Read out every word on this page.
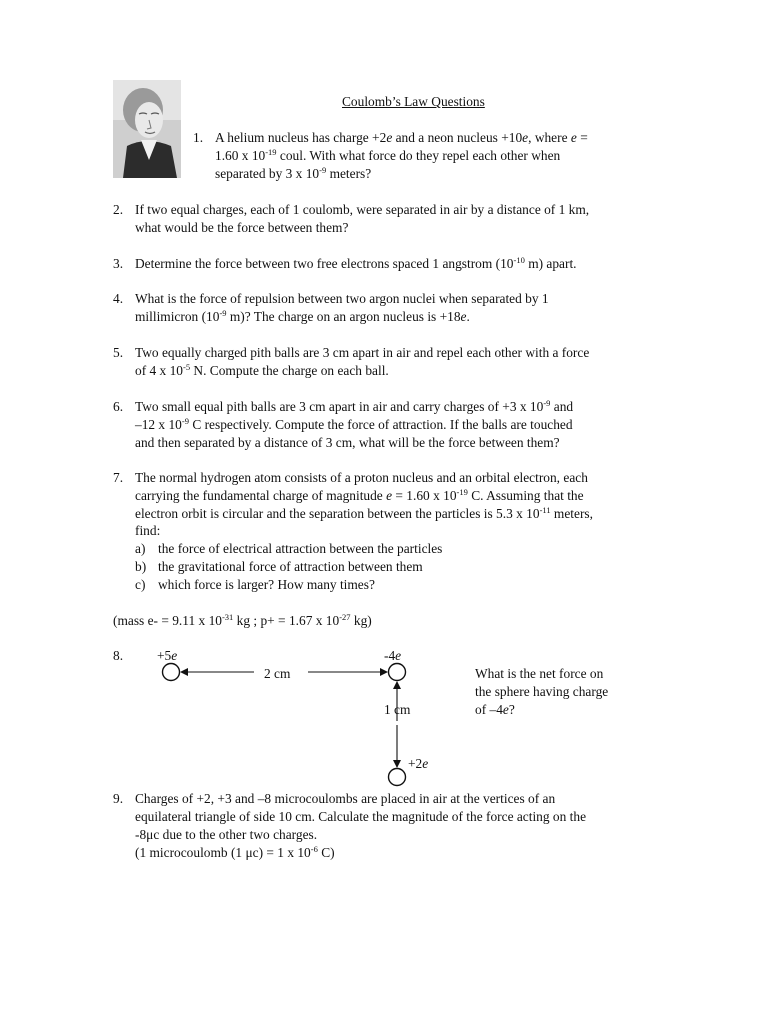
Coulomb’s Law Questions
1. A helium nucleus has charge +2e and a neon nucleus +10e, where e =
1.60 x $10^{-19}$ coul. With what force do they repel each other when
separated by 3 x $10^{-9}$ meters?
2. If two equal charges, each of 1 coulomb, were separated in air by a distance of 1 km,
what would be the force between them?
3. Determine the force between two free electrons spaced 1 angstrom ($10^{-10}$ m) apart.
4. What is the force of repulsion between two argon nuclei when separated by 1
millimicron ($10^{-9}$ m)? The charge on an argon nucleus is +18e.
5. Two equally charged pith balls are 3 cm apart in air and repel each other with a force
of 4 x $10^{-5}$ N. Compute the charge on each ball.
6. Two small equal pith balls are 3 cm apart in air and carry charges of +3 x $10^{-9}$ and
–12 x $10^{-9}$ C respectively. Compute the force of attraction. If the balls are touched
and then separated by a distance of 3 cm, what will be the force between them?
7. The normal hydrogen atom consists of a proton nucleus and an orbital electron, each
carrying the fundamental charge of magnitude e = 1.60 x $10^{-19}$ C. Assuming that the
electron orbit is circular and the separation between the particles is 5.3 x $10^{-11}$ meters,
find:
a) the force of electrical attraction between the particles
b) the gravitational force of attraction between them
c) which force is larger? How many times?
(mass e- = 9.11 x $10^{-31}$ kg ; p+ = 1.67 x $10^{-27}$ kg)
8.	+5e	-4e
2 cm
1 cm
+2e
What is the net force on
the sphere having charge
of –4e?
9. Charges of +2, +3 and –8 microcoulombs are placed in air at the vertices of an
equilateral triangle of side 10 cm. Calculate the magnitude of the force acting on the
-8μc due to the other two charges.
(1 microcoulomb (1 μc) = 1 x $10^{-6}$ C)
